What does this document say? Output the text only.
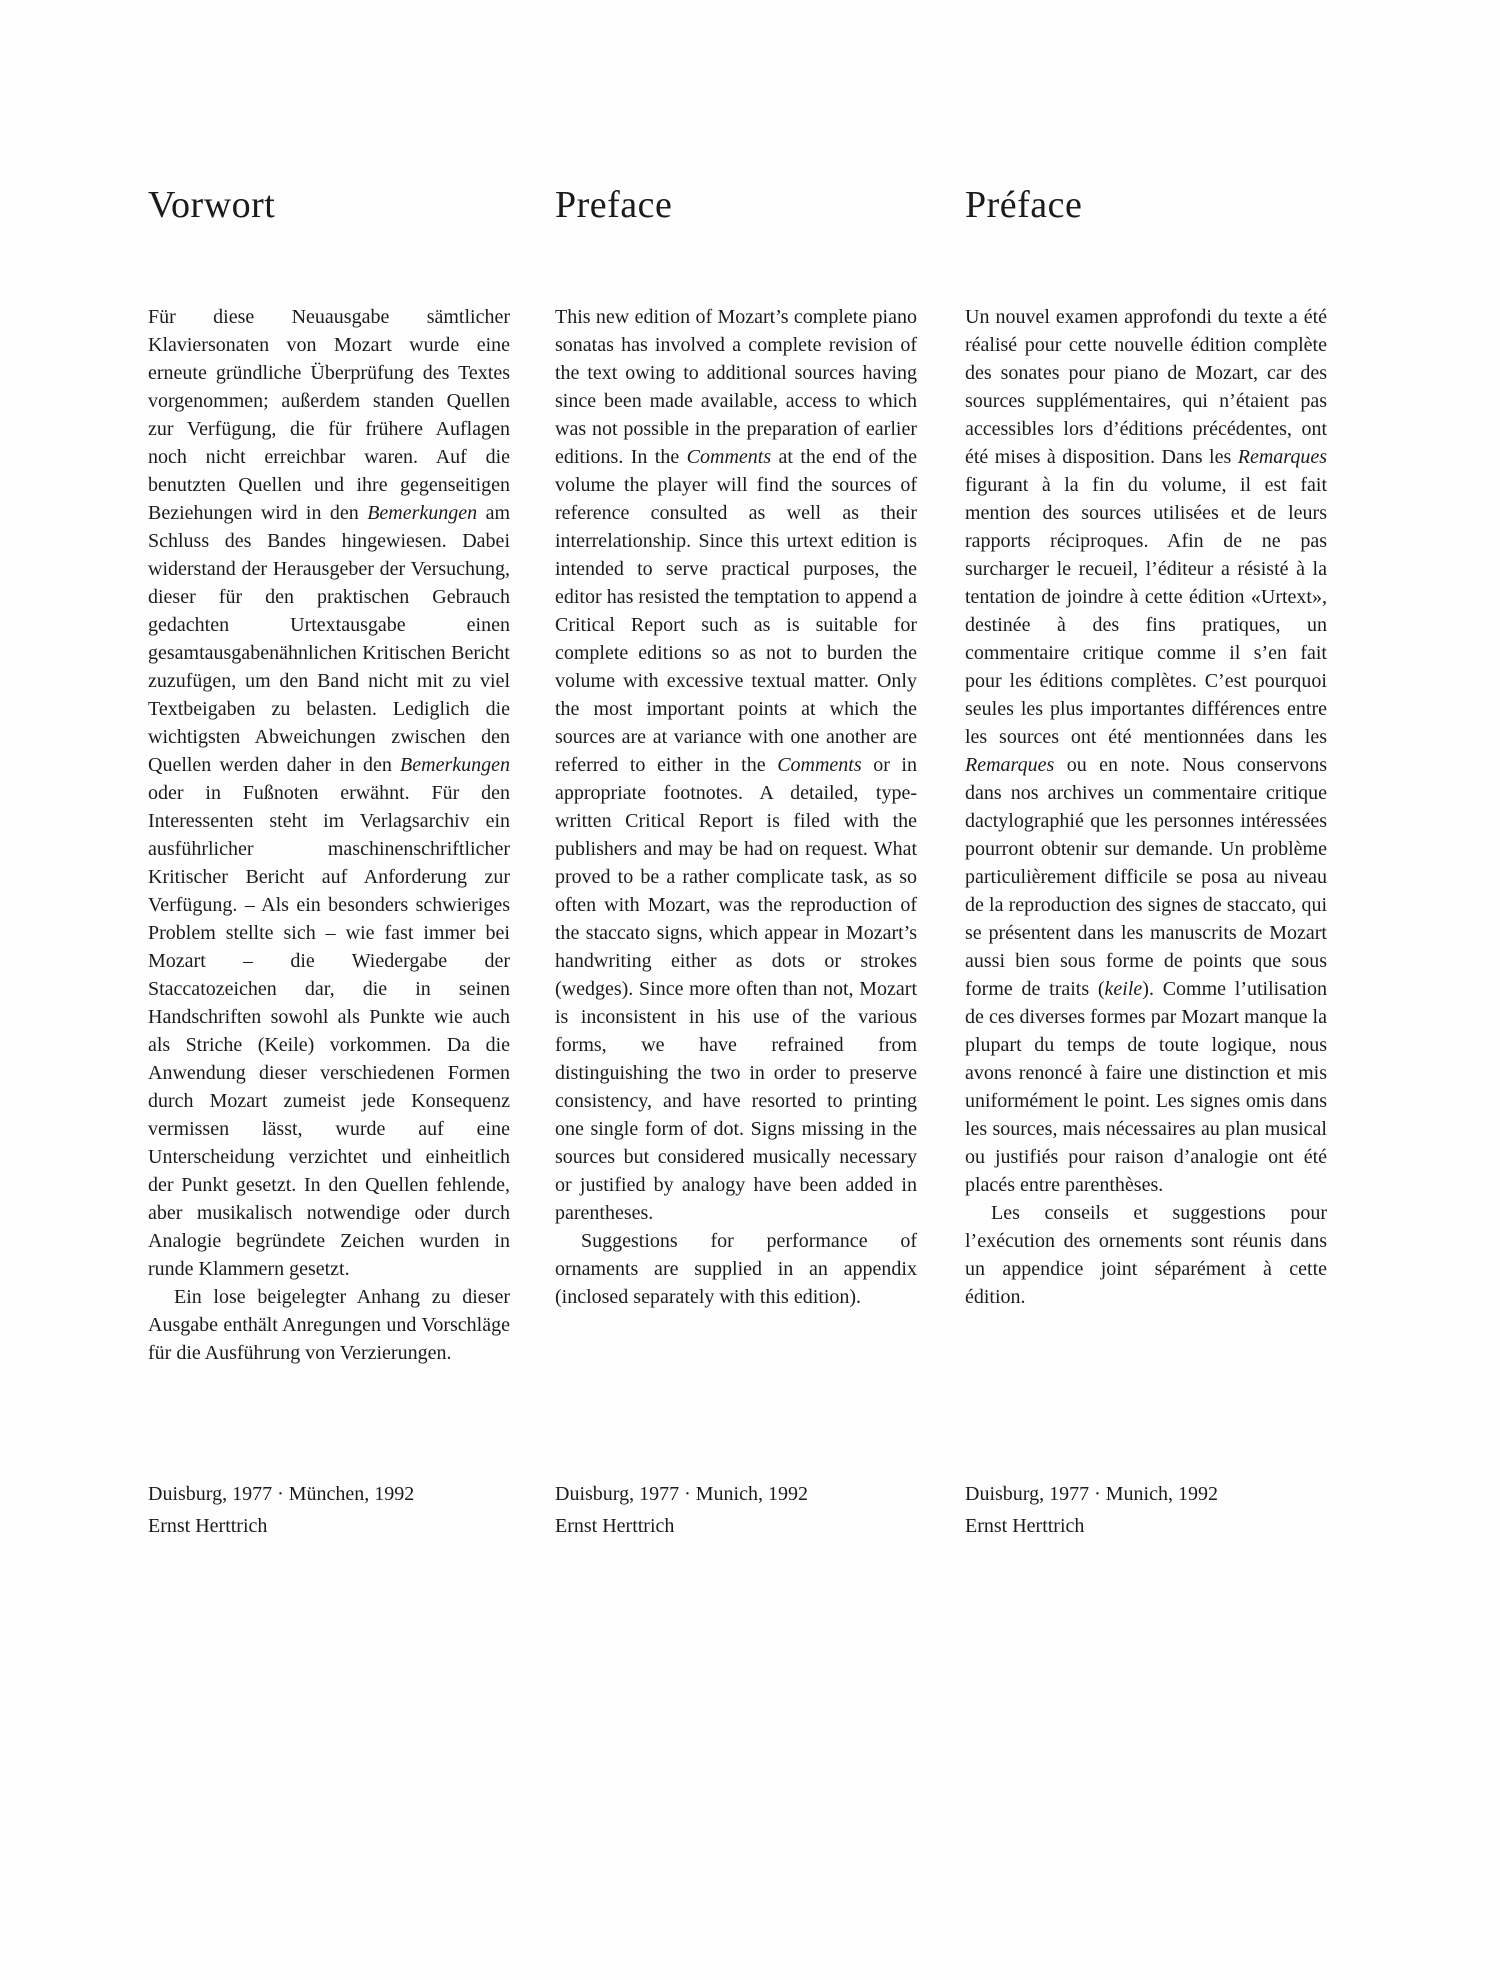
Vorwort

Für diese Neuausgabe sämtlicher Klaviersonaten von Mozart wurde eine erneute gründliche Überprüfung des Textes vorgenommen; außerdem standen Quellen zur Verfügung, die für frühere Auflagen noch nicht erreichbar waren. Auf die benutzten Quellen und ihre gegenseitigen Beziehungen wird in den Bemerkungen am Schluss des Bandes hingewiesen. Dabei widerstand der Herausgeber der Versuchung, dieser für den praktischen Gebrauch gedachten Urtextausgabe einen gesamtausgabenähnlichen Kritischen Bericht zuzufügen, um den Band nicht mit zu viel Textbeigaben zu belasten. Lediglich die wichtigsten Abweichungen zwischen den Quellen werden daher in den Bemerkungen oder in Fußnoten erwähnt. Für den Interessenten steht im Verlagsarchiv ein ausführlicher maschinenschriftlicher Kritischer Bericht auf Anforderung zur Verfügung. – Als ein besonders schwieriges Problem stellte sich – wie fast immer bei Mozart – die Wiedergabe der Staccatozeichen dar, die in seinen Handschriften sowohl als Punkte wie auch als Striche (Keile) vorkommen. Da die Anwendung dieser verschiedenen Formen durch Mozart zumeist jede Konsequenz vermissen lässt, wurde auf eine Unterscheidung verzichtet und einheitlich der Punkt gesetzt. In den Quellen fehlende, aber musikalisch notwendige oder durch Analogie begründete Zeichen wurden in runde Klammern gesetzt.

Ein lose beigelegter Anhang zu dieser Ausgabe enthält Anregungen und Vorschläge für die Ausführung von Verzierungen.

Duisburg, 1977 · München, 1992
Ernst Herttrich
Preface

This new edition of Mozart’s complete piano sonatas has involved a complete revision of the text owing to additional sources having since been made available, access to which was not possible in the preparation of earlier editions. In the Comments at the end of the volume the player will find the sources of reference consulted as well as their interrelationship. Since this urtext edition is intended to serve practical purposes, the editor has resisted the temptation to append a Critical Report such as is suitable for complete editions so as not to burden the volume with excessive textual matter. Only the most important points at which the sources are at variance with one another are referred to either in the Comments or in appropriate footnotes. A detailed, type-written Critical Report is filed with the publishers and may be had on request. What proved to be a rather complicate task, as so often with Mozart, was the reproduction of the staccato signs, which appear in Mozart’s handwriting either as dots or strokes (wedges). Since more often than not, Mozart is inconsistent in his use of the various forms, we have refrained from distinguishing the two in order to preserve consistency, and have resorted to printing one single form of dot. Signs missing in the sources but considered musically necessary or justified by analogy have been added in parentheses.

Suggestions for performance of ornaments are supplied in an appendix (inclosed separately with this edition).

Duisburg, 1977 · Munich, 1992
Ernst Herttrich
Préface

Un nouvel examen approfondi du texte a été réalisé pour cette nouvelle édition complète des sonates pour piano de Mozart, car des sources supplémentaires, qui n’étaient pas accessibles lors d’éditions précédentes, ont été mises à disposition. Dans les Remarques figurant à la fin du volume, il est fait mention des sources utilisées et de leurs rapports réciproques. Afin de ne pas surcharger le recueil, l’éditeur a résisté à la tentation de joindre à cette édition «Urtext», destinée à des fins pratiques, un commentaire critique comme il s’en fait pour les éditions complètes. C’est pourquoi seules les plus importantes différences entre les sources ont été mentionnées dans les Remarques ou en note. Nous conservons dans nos archives un commentaire critique dactylographié que les personnes intéressées pourront obtenir sur demande. Un problème particulièrement difficile se posa au niveau de la reproduction des signes de staccato, qui se présentent dans les manuscrits de Mozart aussi bien sous forme de points que sous forme de traits (keile). Comme l’utilisation de ces diverses formes par Mozart manque la plupart du temps de toute logique, nous avons renoncé à faire une distinction et mis uniformément le point. Les signes omis dans les sources, mais nécessaires au plan musical ou justifiés pour raison d’analogie ont été placés entre parenthèses.

Les conseils et suggestions pour l’exécution des ornements sont réunis dans un appendice joint séparément à cette édition.

Duisburg, 1977 · Munich, 1992
Ernst Herttrich
